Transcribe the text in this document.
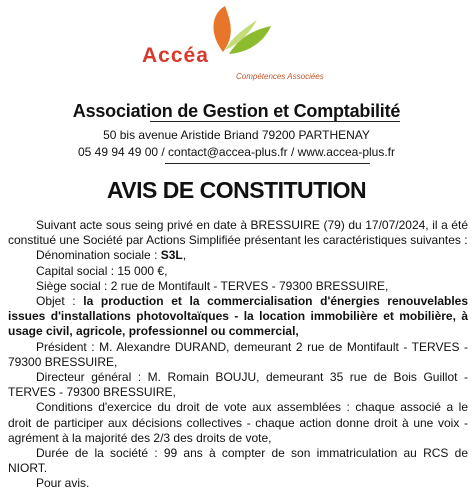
Accéa+
Compétences Associées
Association de Gestion et Comptabilité
50 bis avenue Aristide Briand 79200 PARTHENAY
05 49 94 49 00 / contact@accea-plus.fr / www.accea-plus.fr
AVIS DE CONSTITUTION

Suivant acte sous seing privé en date à BRESSUIRE (79) du 17/07/2024, il a été constitué une Société par Actions Simplifiée présentant les caractéristiques suivantes :

Dénomination sociale : S3L,

Capital social : 15 000 €,

Siège social : 2 rue de Montifault - TERVES - 79300 BRESSUIRE,

Objet : la production et la commercialisation d'énergies renouvelables issues d'installations photovoltaïques - la location immobilière et mobilière, à usage civil, agricole, professionnel ou commercial,

Président : M. Alexandre DURAND, demeurant 2 rue de Montifault - TERVES - 79300 BRESSUIRE,

Directeur général : M. Romain BOUJU, demeurant 35 rue de Bois Guillot - TERVES - 79300 BRESSUIRE,

Conditions d'exercice du droit de vote aux assemblées : chaque associé a le droit de participer aux décisions collectives - chaque action donne droit à une voix - agrément à la majorité des 2/3 des droits de vote,

Durée de la société : 99 ans à compter de son immatriculation au RCS de NIORT.

Pour avis.
